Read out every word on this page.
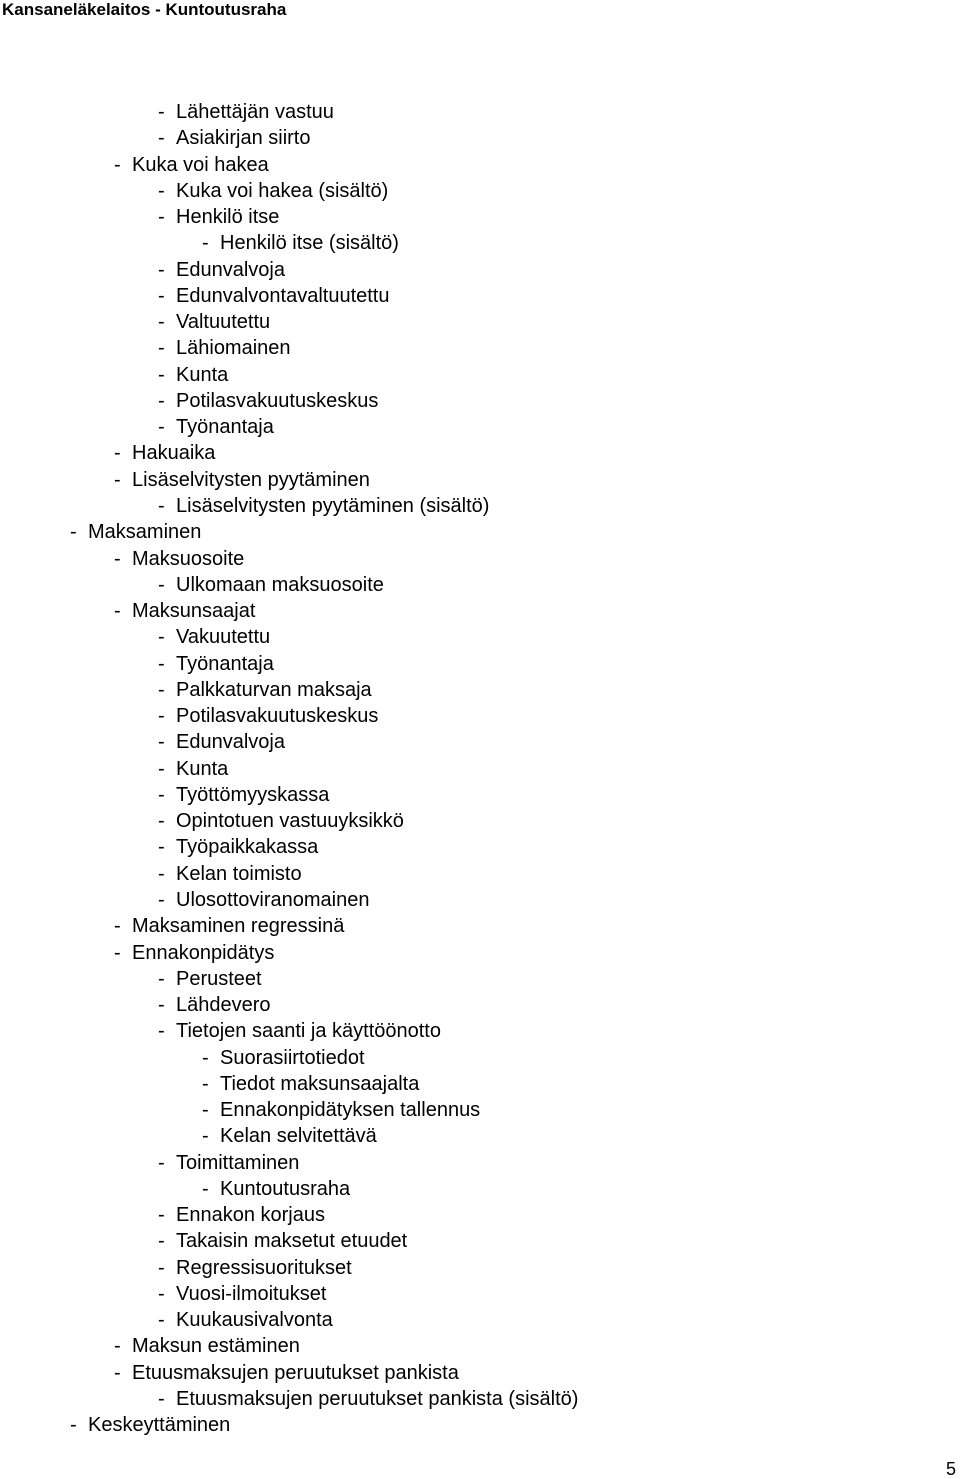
Kansaneläkelaitos - Kuntoutusraha
- Lähettäjän vastuu
- Asiakirjan siirto
- Kuka voi hakea
- Kuka voi hakea (sisältö)
- Henkilö itse
- Henkilö itse (sisältö)
- Edunvalvoja
- Edunvalvontavaltuutettu
- Valtuutettu
- Lähiomainen
- Kunta
- Potilasvakuutuskeskus
- Työnantaja
- Hakuaika
- Lisäselvitysten pyytäminen
- Lisäselvitysten pyytäminen (sisältö)
- Maksaminen
- Maksuosoite
- Ulkomaan maksuosoite
- Maksunsaajat
- Vakuutettu
- Työnantaja
- Palkkaturvan maksaja
- Potilasvakuutuskeskus
- Edunvalvoja
- Kunta
- Työttömyyskassa
- Opintotuen vastuuyksikkö
- Työpaikkakassa
- Kelan toimisto
- Ulosottoviranomainen
- Maksaminen regressinä
- Ennakonpidätys
- Perusteet
- Lähdevero
- Tietojen saanti ja käyttöönotto
- Suorasiirtotiedot
- Tiedot maksunsaajalta
- Ennakonpidätyksen tallennus
- Kelan selvitettävä
- Toimittaminen
- Kuntoutusraha
- Ennakon korjaus
- Takaisin maksetut etuudet
- Regressisuoritukset
- Vuosi-ilmoitukset
- Kuukausivalvonta
- Maksun estäminen
- Etuusmaksujen peruutukset pankista
- Etuusmaksujen peruutukset pankista (sisältö)
- Keskeyttäminen
5
